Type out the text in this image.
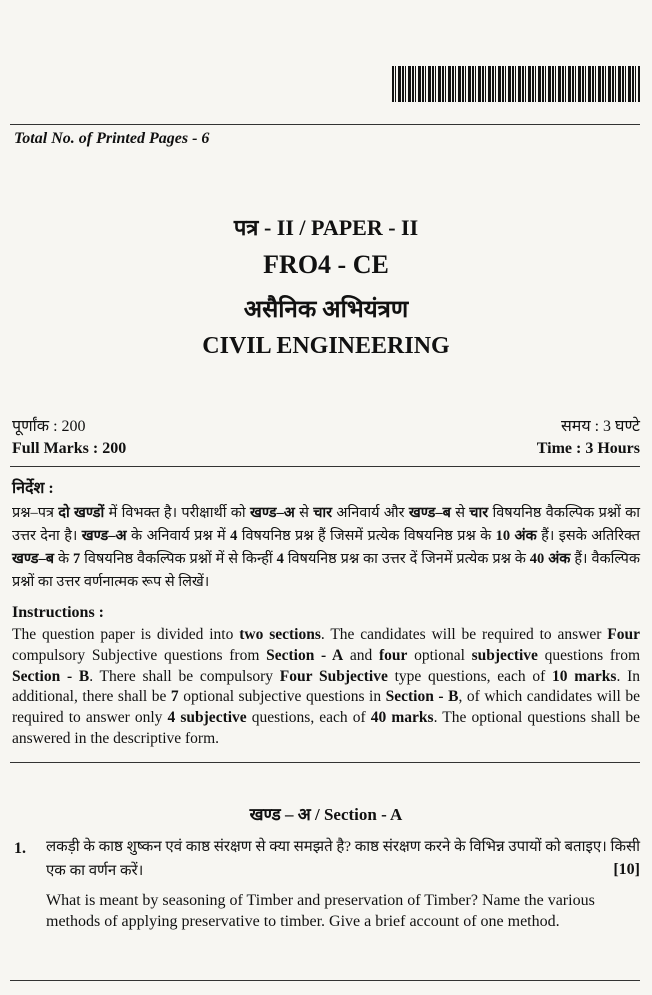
Total No. of Printed Pages - 6
पत्र - II / PAPER - II
FRO4 - CE
असैनिक अभियंत्रण
CIVIL ENGINEERING
पूर्णांक : 200	समय : 3 घण्टे
Full Marks : 200	Time : 3 Hours
निर्देश :
प्रश्न–पत्र दो खण्डों में विभक्त है। परीक्षार्थी को खण्ड–अ से चार अनिवार्य और खण्ड–ब से चार विषयनिष्ठ वैकल्पिक प्रश्नों का उत्तर देना है। खण्ड–अ के अनिवार्य प्रश्न में 4 विषयनिष्ठ प्रश्न हैं जिसमें प्रत्येक विषयनिष्ठ प्रश्न के 10 अंक हैं। इसके अतिरिक्त खण्ड–ब के 7 विषयनिष्ठ वैकल्पिक प्रश्नों में से किन्हीं 4 विषयनिष्ठ प्रश्न का उत्तर दें जिनमें प्रत्येक प्रश्न के 40 अंक हैं। वैकल्पिक प्रश्नों का उत्तर वर्णनात्मक रूप से लिखें।
Instructions :
The question paper is divided into two sections. The candidates will be required to answer Four compulsory Subjective questions from Section - A and four optional subjective questions from Section - B. There shall be compulsory Four Subjective type questions, each of 10 marks. In additional, there shall be 7 optional subjective questions in Section - B, of which candidates will be required to answer only 4 subjective questions, each of 40 marks. The optional questions shall be answered in the descriptive form.
खण्ड – अ / Section - A
1. लकड़ी के काष्ठ शुष्कन एवं काष्ठ संरक्षण से क्या समझते है? काष्ठ संरक्षण करने के विभिन्न उपायों को बताइए। किसी एक का वर्णन करें।	[10]
What is meant by seasoning of Timber and preservation of Timber? Name the various methods of applying preservative to timber. Give a brief account of one method.
